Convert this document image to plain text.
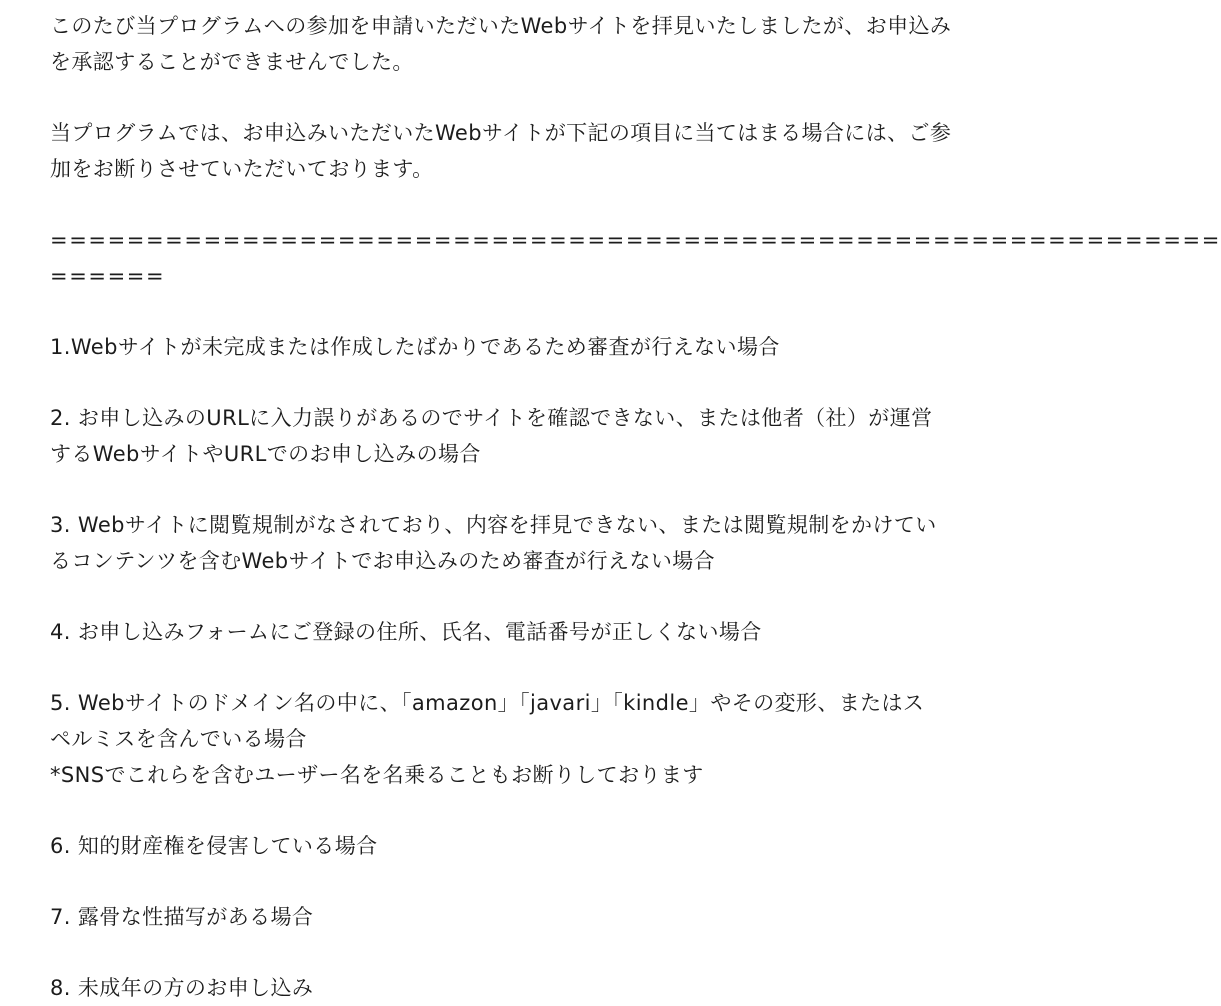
このたび当プログラムへの参加を申請いただいたWebサイトを拝見いたしましたが、お申込み
を承認することができませんでした。
当プログラムでは、お申込みいただいたWebサイトが下記の項目に当てはまる場合には、ご参
加をお断りさせていただいております。
=============================================================
======
1.Webサイトが未完成または作成したばかりであるため審査が行えない場合
2. お申し込みのURLに入力誤りがあるのでサイトを確認できない、または他者（社）が運営
するWebサイトやURLでのお申し込みの場合
3. Webサイトに閲覧規制がなされており、内容を拝見できない、または閲覧規制をかけてい
るコンテンツを含むWebサイトでお申込みのため審査が行えない場合
4. お申し込みフォームにご登録の住所、氏名、電話番号が正しくない場合
5. Webサイトのドメイン名の中に、「amazon」「javari」「kindle」やその変形、またはス
ペルミスを含んでいる場合
*SNSでこれらを含むユーザー名を名乗ることもお断りしております
6. 知的財産権を侵害している場合
7. 露骨な性描写がある場合
8. 未成年の方のお申し込み
